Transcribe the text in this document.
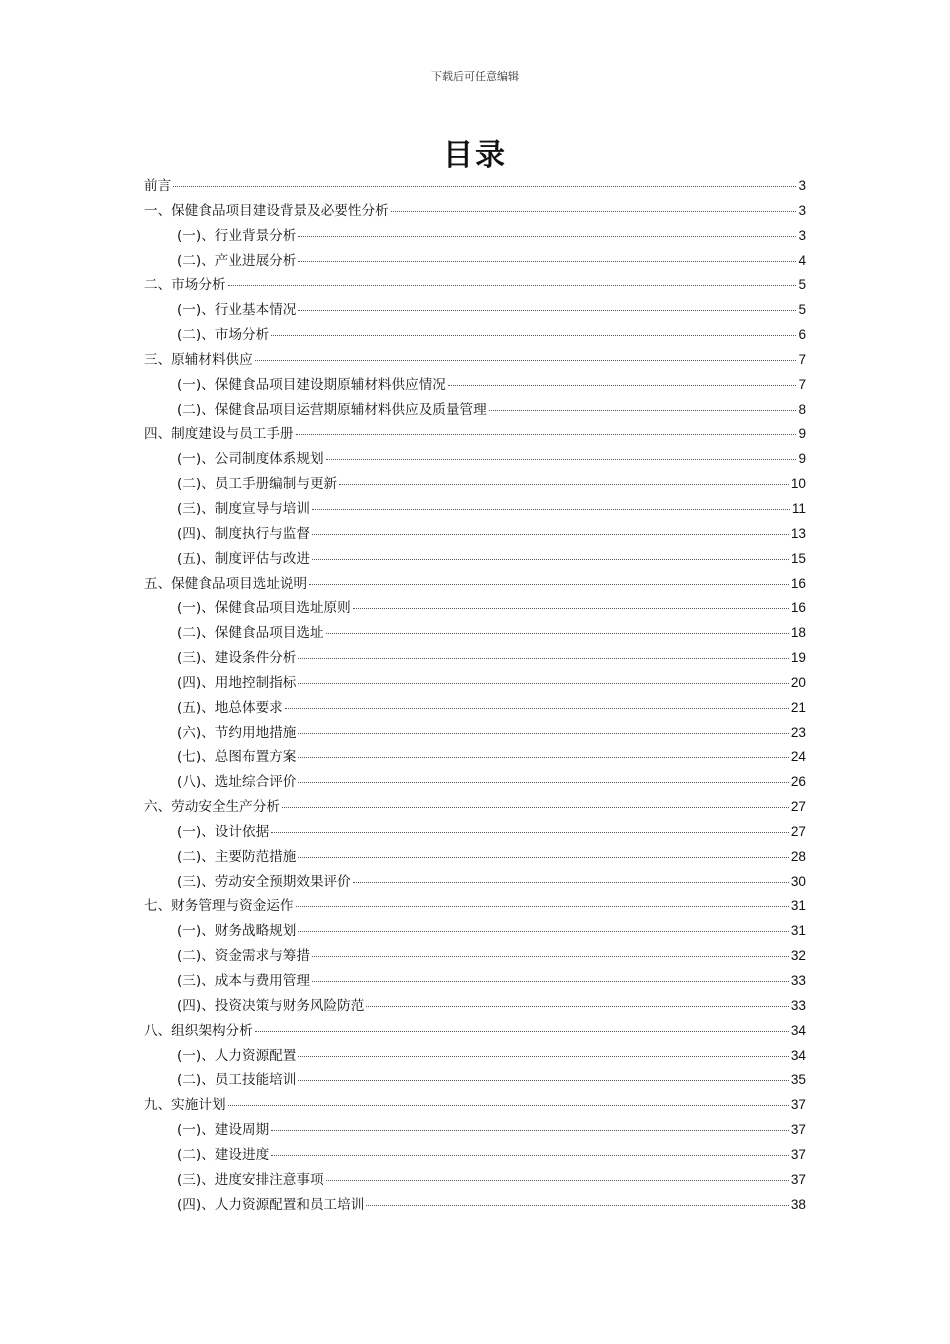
下载后可任意编辑
目录
前言	3
一、保健食品项目建设背景及必要性分析	3
(一)、行业背景分析	3
(二)、产业进展分析	4
二、市场分析	5
(一)、行业基本情况	5
(二)、市场分析	6
三、原辅材料供应	7
(一)、保健食品项目建设期原辅材料供应情况	7
(二)、保健食品项目运营期原辅材料供应及质量管理	8
四、制度建设与员工手册	9
(一)、公司制度体系规划	9
(二)、员工手册编制与更新	10
(三)、制度宣导与培训	11
(四)、制度执行与监督	13
(五)、制度评估与改进	15
五、保健食品项目选址说明	16
(一)、保健食品项目选址原则	16
(二)、保健食品项目选址	18
(三)、建设条件分析	19
(四)、用地控制指标	20
(五)、地总体要求	21
(六)、节约用地措施	23
(七)、总图布置方案	24
(八)、选址综合评价	26
六、劳动安全生产分析	27
(一)、设计依据	27
(二)、主要防范措施	28
(三)、劳动安全预期效果评价	30
七、财务管理与资金运作	31
(一)、财务战略规划	31
(二)、资金需求与筹措	32
(三)、成本与费用管理	33
(四)、投资决策与财务风险防范	33
八、组织架构分析	34
(一)、人力资源配置	34
(二)、员工技能培训	35
九、实施计划	37
(一)、建设周期	37
(二)、建设进度	37
(三)、进度安排注意事项	37
(四)、人力资源配置和员工培训	38
